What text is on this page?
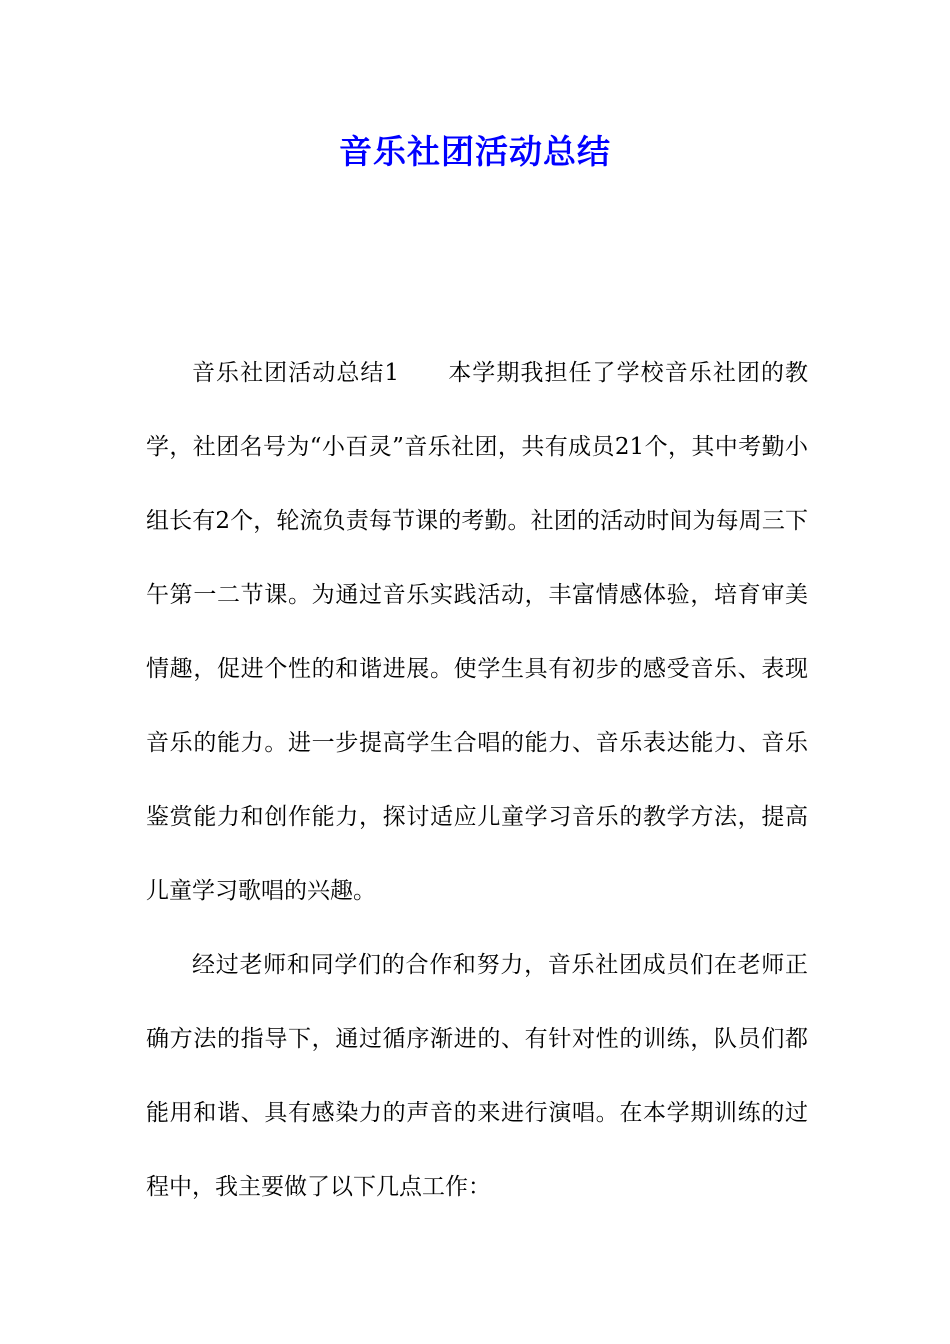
音乐社团活动总结

音乐社团活动总结1　　本学期我担任了学校音乐社团的教学，社团名号为“小百灵”音乐社团，共有成员21个，其中考勤小组长有2个，轮流负责每节课的考勤。社团的活动时间为每周三下午第一二节课。为通过音乐实践活动，丰富情感体验，培育审美情趣，促进个性的和谐进展。使学生具有初步的感受音乐、表现音乐的能力。进一步提高学生合唱的能力、音乐表达能力、音乐鉴赏能力和创作能力，探讨适应儿童学习音乐的教学方法，提高儿童学习歌唱的兴趣。

经过老师和同学们的合作和努力，音乐社团成员们在老师正确方法的指导下，通过循序渐进的、有针对性的训练，队员们都能用和谐、具有感染力的声音的来进行演唱。在本学期训练的过程中，我主要做了以下几点工作：
